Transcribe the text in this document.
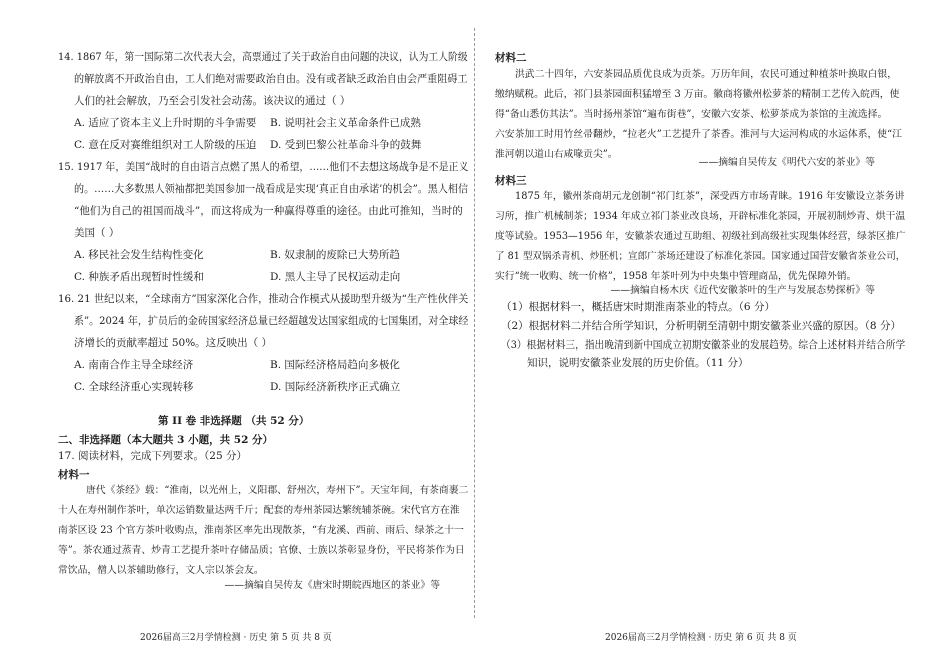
14. 1867 年，第一国际第二次代表大会，高票通过了关于政治自由问题的决议，认为工人阶级
的解放离不开政治自由，工人们绝对需要政治自由。没有或者缺乏政治自由会严重阻碍工
人们的社会解放，乃至会引发社会动荡。该决议的通过（ ）
A. 适应了资本主义上升时期的斗争需要 B. 说明社会主义革命条件已成熟
C. 意在反对赛维组织对工人阶级的压迫 D. 受到巴黎公社革命斗争的鼓舞
15. 1917 年，美国“战时的自由语言点燃了黑人的希望，……他们不去想这场战争是不是正义
的。……大多数黑人领袖都把美国参加一战看成是实现‘真正自由承诺’的机会”。黑人相信
“他们为自己的祖国而战斗”，而这将成为一种赢得尊重的途径。由此可推知，当时的
美国（ ）
A. 移民社会发生结构性变化	B. 奴隶制的废除已大势所趋
C. 种族矛盾出现暂时性缓和	D. 黑人主导了民权运动走向
16. 21 世纪以来，“全球南方”国家深化合作，推动合作模式从援助型升级为“生产性伙伴关
系”。2024 年，扩员后的金砖国家经济总量已经超越发达国家组成的七国集团，对全球经
济增长的贡献率超过 50%。这反映出（ ）
A. 南南合作主导全球经济	B. 国际经济格局趋向多极化
C. 全球经济重心实现转移	D. 国际经济新秩序正式确立
第 II 卷 非选择题 （共 52 分）
二、非选择题（本大题共 3 小题，共 52 分）
17. 阅读材料，完成下列要求。（25 分）
材料一
唐代《茶经》载：“淮南，以光州上，义阳郡、舒州次，寿州下”。天宝年间，有茶商裹二
十人在寿州制作茶叶，单次运销数量达两千斤；配套的寿州茶园达繁统辅茶碗。宋代官方在淮
南茶区设 23 个官方茶叶收购点，淮南茶区率先出现散茶，“有龙溪、西前、雨后、绿茶之十一
等”。茶农通过蒸青、炒青工艺提升茶叶存储品质；官僚、士族以茶彰显身份，平民将茶作为日
常饮品，僧人以茶辅助修行，文人宗以茶会友。
——摘编自吴传友《唐宋时期皖西地区的茶业》等
2026届高三2月学情检测 · 历史 第 5 页 共 8 页
材料二
洪武二十四年，六安茶园品质优良成为贡茶。万历年间，农民可通过种植茶叶换取白银，
缴纳赋税。此后，祁门县茶园面积猛增至 3 万亩。徽商将徽州松萝茶的精制工艺传入皖西，使
得“备山悉仿其法”。当时扬州茶馆“遍布街巷”，安徽六安茶、松萝茶成为茶馆的主流选择。
六安茶加工时用竹丝帚翻炒，“拉老火”工艺提升了茶香。淮河与大运河构成的水运体系，使“江
淮河朝以道山右咸喙贡尖”。
——摘编自吴传友《明代六安的茶业》等
材料三
1875 年，徽州茶商胡元龙创制“祁门红茶”，深受西方市场青睐。1916 年安徽设立茶务讲
习所，推广机械制茶；1934 年成立祁门茶业改良场，开辟标准化茶园，开展初制炒青、烘干温
度等试验。1953—1956 年，安徽茶农通过互助组、初级社到高级社实现集体经营，绿茶区推广
了 81 型双锅杀青机、炒胚机；宣郎广茶场还建设了标准化茶园。国家通过国营安徽省茶业公司，
实行“统一收购、统一价格”，1958 年茶叶列为中央集中管理商品，优先保障外销。
——摘编自杨木庆《近代安徽茶叶的生产与发展态势探析》等
（1）根据材料一，概括唐宋时期淮南茶业的特点。（6 分）
（2）根据材料二并结合所学知识，分析明朝至清朝中期安徽茶业兴盛的原因。（8 分）
（3）根据材料三，指出晚清到新中国成立初期安徽茶业的发展趋势。综合上述材料并结合所学
知识，说明安徽茶业发展的历史价值。（11 分）
2026届高三2月学情检测 · 历史 第 6 页 共 8 页
